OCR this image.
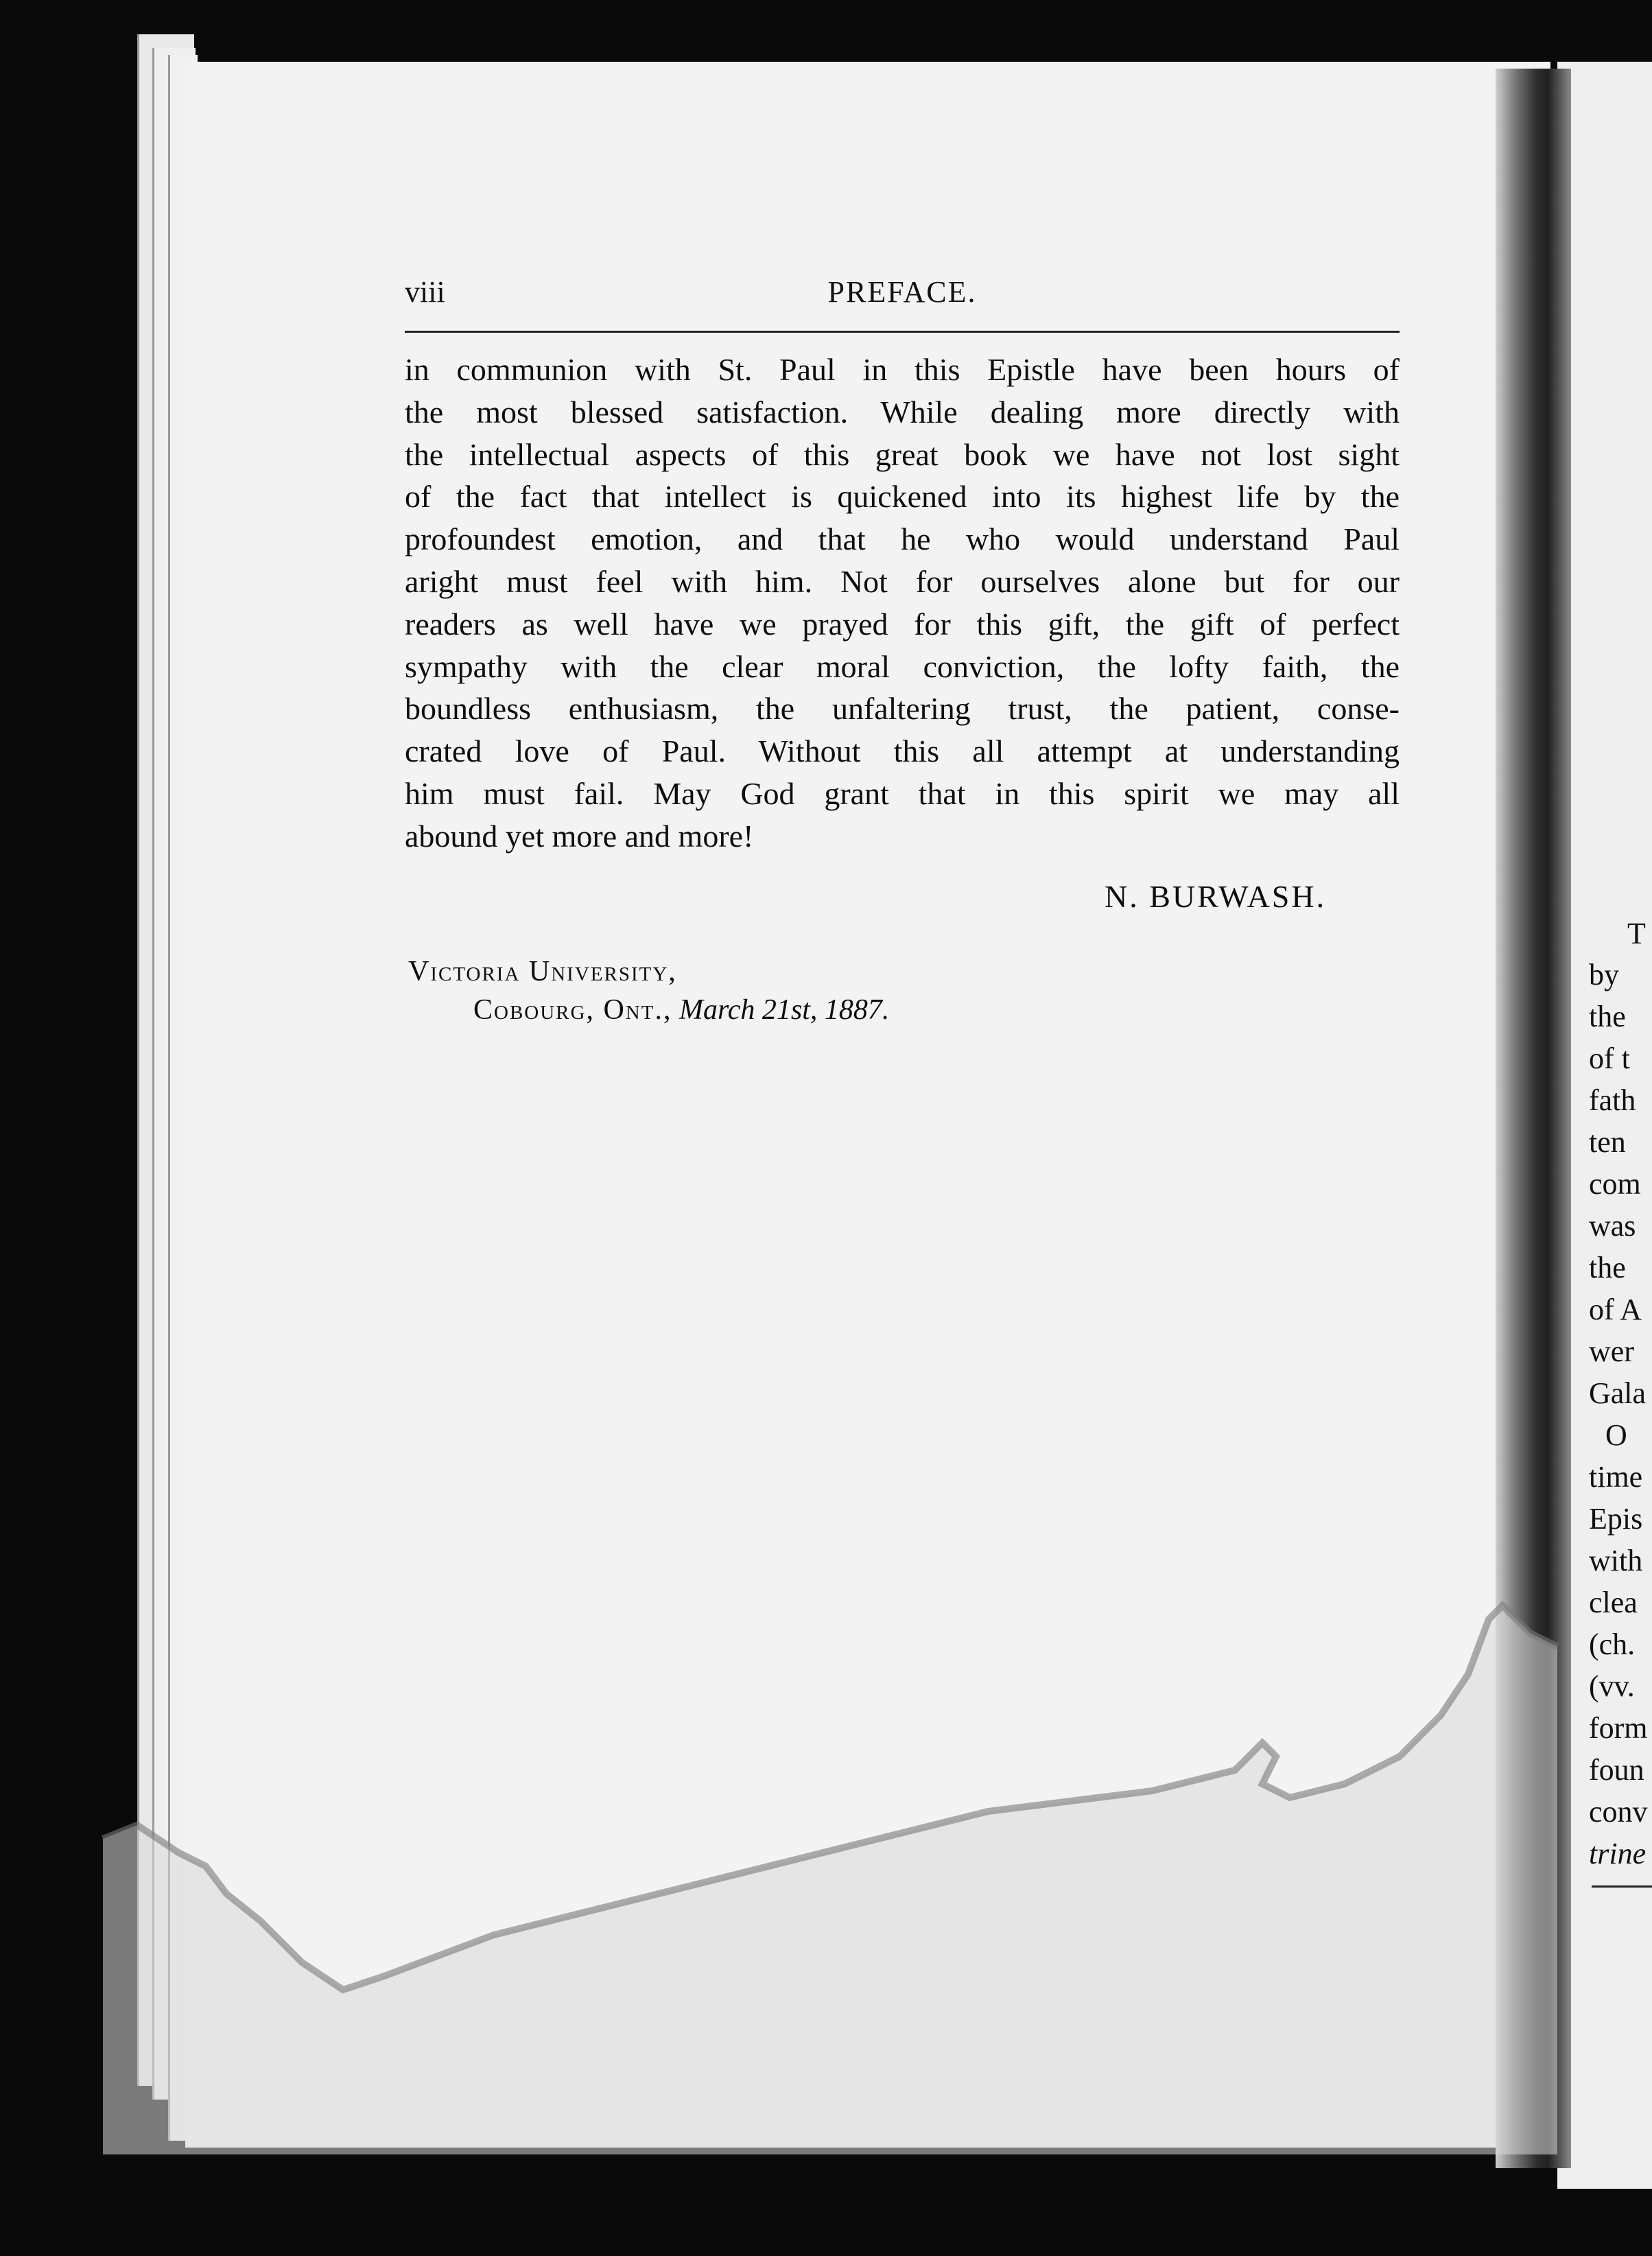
viii	PREFACE.
in communion with St. Paul in this Epistle have been hours of
the most blessed satisfaction. While dealing more directly with
the intellectual aspects of this great book we have not lost sight
of the fact that intellect is quickened into its highest life by the
profoundest emotion, and that he who would understand Paul
aright must feel with him. Not for ourselves alone but for our
readers as well have we prayed for this gift, the gift of perfect
sympathy with the clear moral conviction, the lofty faith, the
boundless enthusiasm, the unfaltering trust, the patient, conse-
crated love of Paul. Without this all attempt at understanding
him must fail. May God grant that in this spirit we may all
abound yet more and more!
N. BURWASH.
Victoria University,
Cobourg, Ont., March 21st, 1887.
T
by
the
of t
fath
ten
com
was
the
of A
wer
Gala
O
time
Epis
with
clea
(ch.
(vv.
form
foun
conv
trine
